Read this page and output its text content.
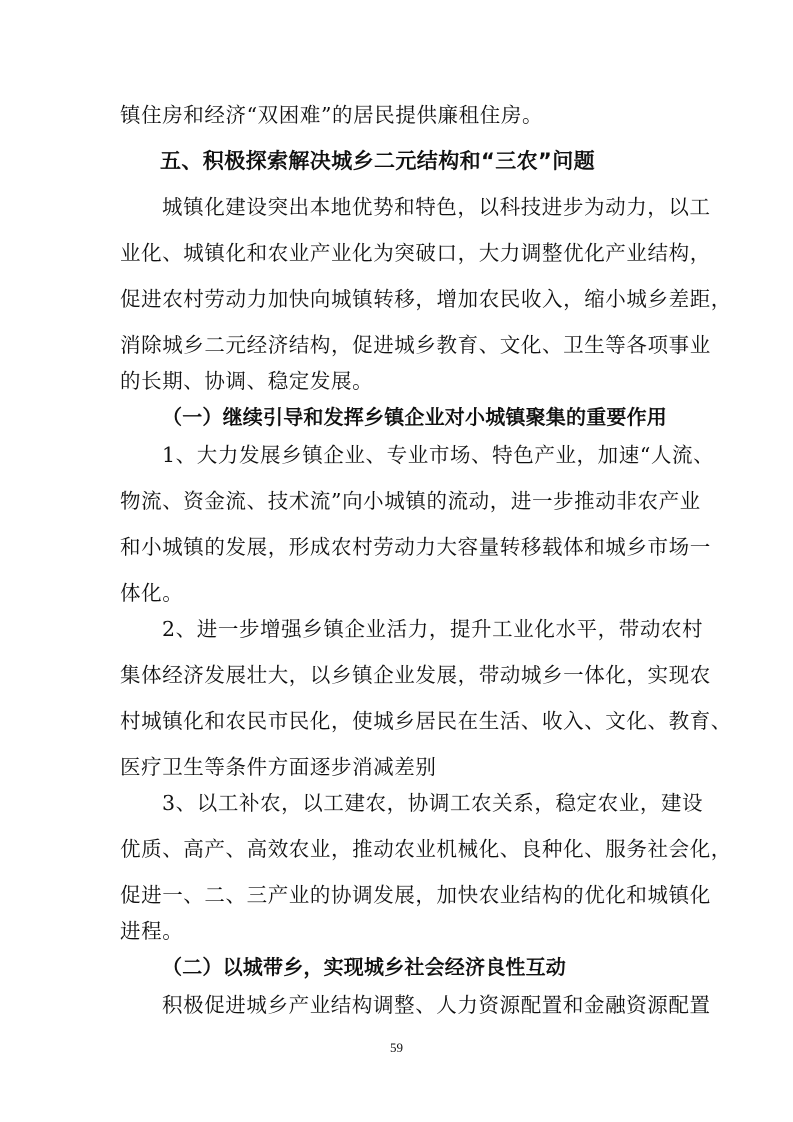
镇住房和经济“双困难”的居民提供廉租住房。
五、积极探索解决城乡二元结构和“三农”问题
城镇化建设突出本地优势和特色，以科技进步为动力，以工
业化、城镇化和农业产业化为突破口，大力调整优化产业结构，
促进农村劳动力加快向城镇转移，增加农民收入，缩小城乡差距，
消除城乡二元经济结构，促进城乡教育、文化、卫生等各项事业
的长期、协调、稳定发展。
（一）继续引导和发挥乡镇企业对小城镇聚集的重要作用
1、大力发展乡镇企业、专业市场、特色产业，加速“人流、
物流、资金流、技术流”向小城镇的流动，进一步推动非农产业
和小城镇的发展，形成农村劳动力大容量转移载体和城乡市场一
体化。
2、进一步增强乡镇企业活力，提升工业化水平，带动农村
集体经济发展壮大，以乡镇企业发展，带动城乡一体化，实现农
村城镇化和农民市民化，使城乡居民在生活、收入、文化、教育、
医疗卫生等条件方面逐步消减差别
3、以工补农，以工建农，协调工农关系，稳定农业，建设
优质、高产、高效农业，推动农业机械化、良种化、服务社会化，
促进一、二、三产业的协调发展，加快农业结构的优化和城镇化
进程。
（二）以城带乡，实现城乡社会经济良性互动
积极促进城乡产业结构调整、人力资源配置和金融资源配置
59
